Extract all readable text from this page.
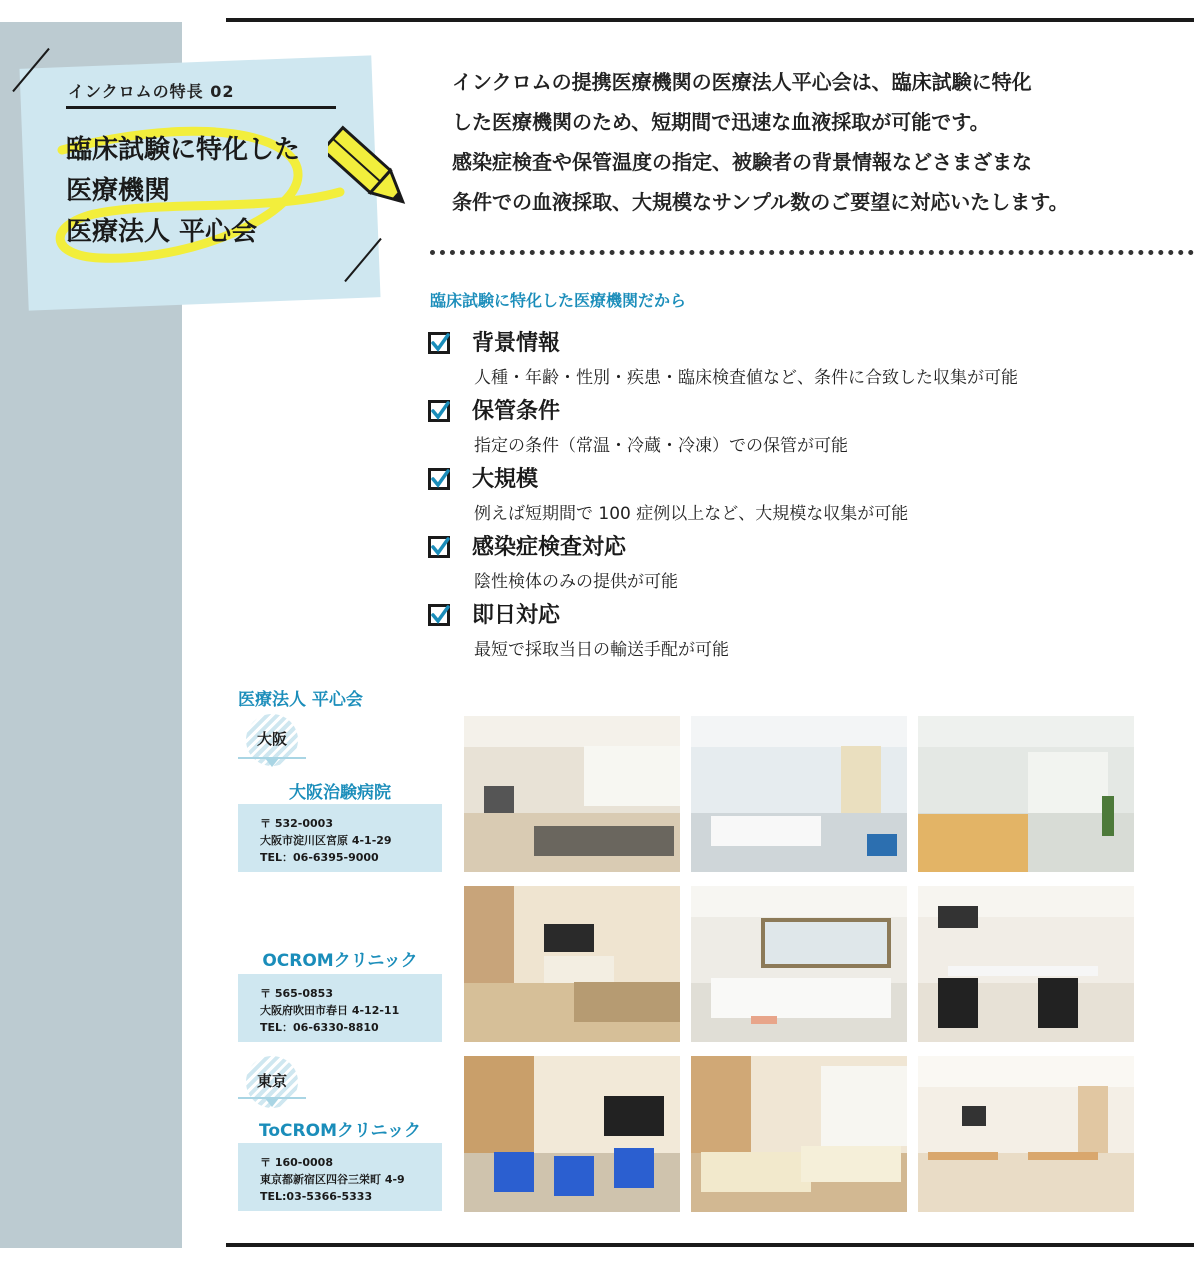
インクロムの特長 02
臨床試験に特化した
医療機関
医療法人 平心会
インクロムの提携医療機関の医療法人平心会は、臨床試験に特化
した医療機関のため、短期間で迅速な血液採取が可能です。
感染症検査や保管温度の指定、被験者の背景情報などさまざまな
条件での血液採取、大規模なサンプル数のご要望に対応いたします。
臨床試験に特化した医療機関だから
背景情報
人種・年齢・性別・疾患・臨床検査値など、条件に合致した収集が可能
保管条件
指定の条件（常温・冷蔵・冷凍）での保管が可能
大規模
例えば短期間で 100 症例以上など、大規模な収集が可能
感染症検査対応
陰性検体のみの提供が可能
即日対応
最短で採取当日の輸送手配が可能
医療法人 平心会
大阪
大阪治験病院
〒 532-0003
大阪市淀川区宮原 4-1-29
TEL：06-6395-9000
OCROMクリニック
〒 565-0853
大阪府吹田市春日 4-12-11
TEL：06-6330-8810
東京
ToCROMクリニック
〒 160-0008
東京都新宿区四谷三栄町 4-9
TEL:03-5366-5333
